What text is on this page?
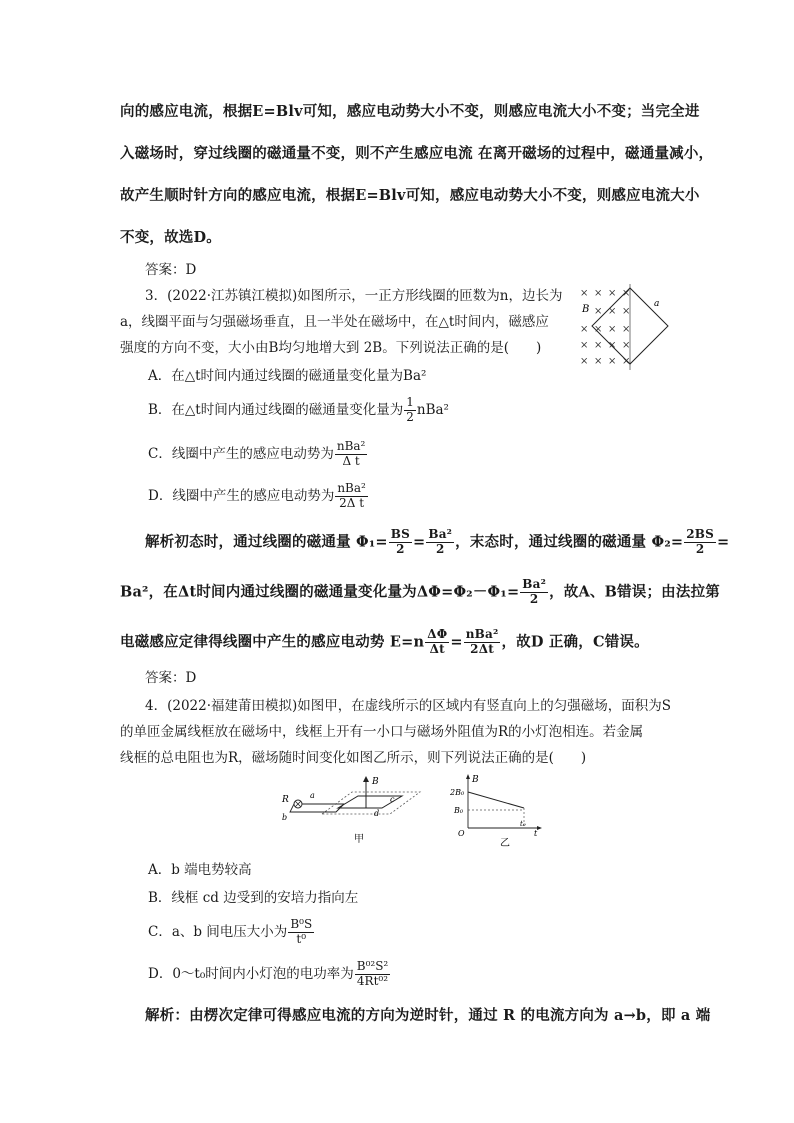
向的感应电流，根据E=Blv可知，感应电动势大小不变，则感应电流大小不变；当完全进
入磁场时，穿过线圈的磁通量不变，则不产生感应电流 在离开磁场的过程中，磁通量减小，
故产生顺时针方向的感应电流，根据E=Blv可知，感应电动势大小不变，则感应电流大小
不变，故选D。
答案：D
3．(2022·江苏镇江模拟)如图所示，一正方形线圈的匝数为n，边长为
a，线圈平面与匀强磁场垂直，且一半处在磁场中，在△t时间内，磁感应
强度的方向不变，大小由B均匀地增大到 2B。下列说法正确的是(　　)
× × × ×
× × ×
× × × ×
× × × ×
× × × ×
B	a
A．在△t时间内通过线圈的磁通量变化量为Ba²
B．在△t时间内通过线圈的磁通量变化量为 $\frac{1}{2} nBa^2$
C．线圈中产生的感应电动势为 $\frac{\text{nBa²}}{\text{Δ t}}$
D．线圈中产生的感应电动势为 $\frac{\text{nBa²}}{\text{2Δ t}}$
解析初态时，通过线圈的磁通量 $\Phi_1= \frac{BS}{2} = \frac{\text{Ba²}}{2}$ ，末态时，通过线圈的磁通量 $\Phi_2= \frac{2BS}{2}$ =
Ba²，在Δt时间内通过线圈的磁通量变化量为$\Delta\Phi=\Phi_2-\Phi_1= \frac{\text{Ba²}}{2}$ ，故A、B错误；由法拉第
电磁感应定律得线圈中产生的感应电动势 $E=n \frac{\Delta\Phi}{\Delta t} = \frac{\text{nBa²}}{2\Delta t}$ ，故D 正确，C错误。
答案：D
4．(2022·福建莆田模拟)如图甲，在虚线所示的区域内有竖直向上的匀强磁场，面积为S
的单匝金属线框放在磁场中，线框上开有一小口与磁场外阻值为R的小灯泡相连。若金属
线框的总电阻也为R，磁场随时间变化如图乙所示，则下列说法正确的是(　　)
R	a
b
B
c
d
甲
B
2B₀
B₀
O
t₀
t
乙
A．b 端电势较高
B．线框 cd 边受到的安培力指向左
C．a、b 间电压大小为 $\frac{\text{B⁰S}}{\text{t⁰}}$
D．0～t₀时间内小灯泡的电功率为 $\frac{\text{B⁰²S²}}{\text{4Rt⁰²}}$
解析：由楞次定律可得感应电流的方向为逆时针，通过 R 的电流方向为 a→b，即 a 端
